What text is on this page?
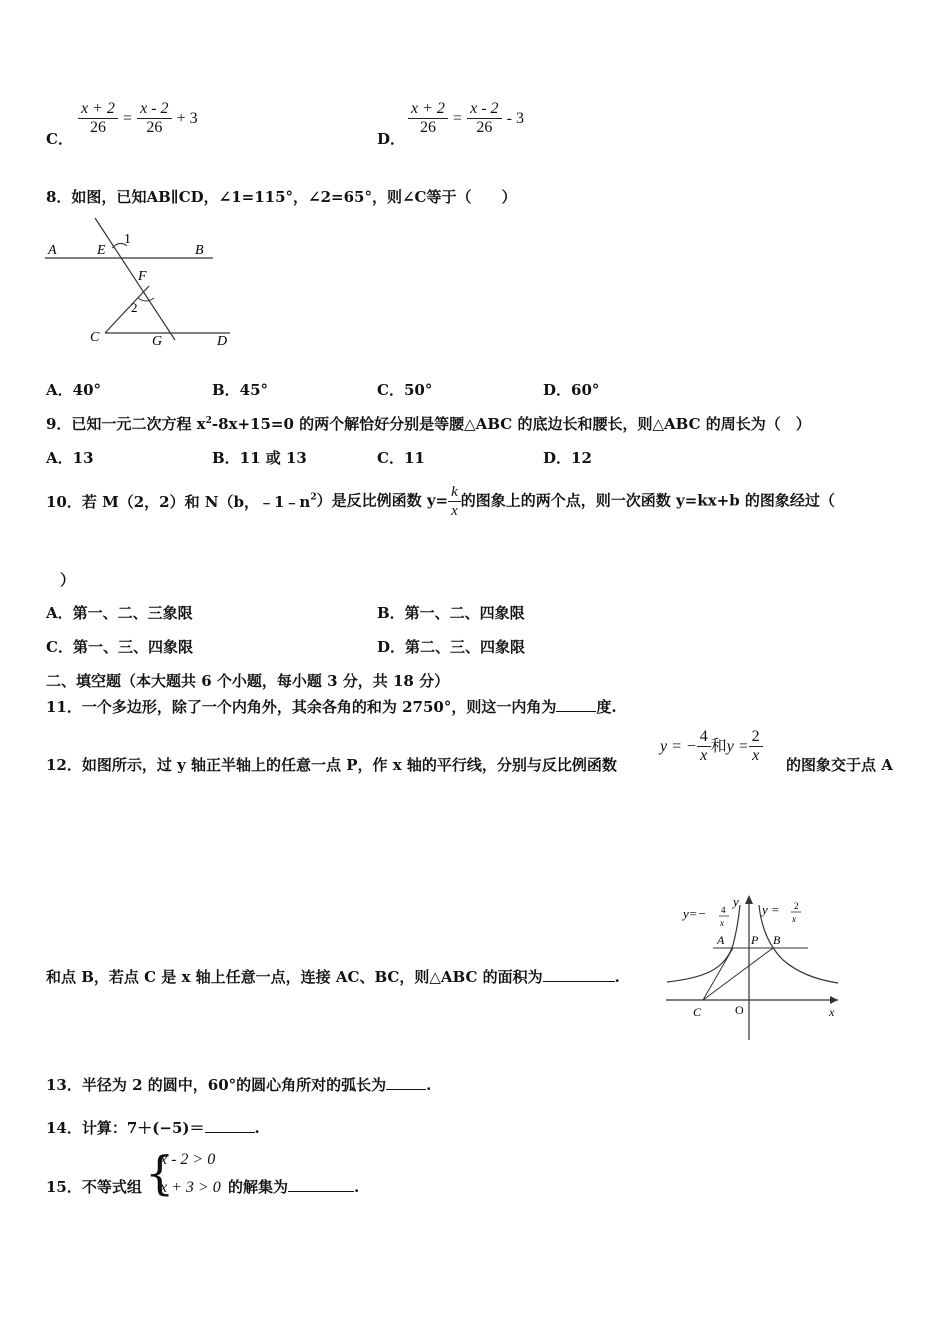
C．
$\frac{x + 2}{26} = \frac{x - 2}{26} + 3$
D．
$\frac{x + 2}{26} = \frac{x - 2}{26} - 3$
8．如图，已知AB∥CD，∠1=115°，∠2=65°，则∠C等于（　　）
A	E
1
B
F
2
C	G	D
A．40°	B．45°	C．50°	D．60°
9．已知一元二次方程 $x^2-8x+15=0$ 的两个解恰好分别是等腰△ABC 的底边长和腰长，则△ABC 的周长为（　）
A．13	B．11 或 13	C．11	D．12
10．若 M（2，2）和 N（b，$﹣1﹣n^2$）是反比例函数 $y= \frac{k}{x}$ 的图象上的两个点，则一次函数 y=kx+b 的图象经过（
）
A．第一、二、三象限	B．第一、二、四象限
C．第一、三、四象限	D．第二、三、四象限
二、填空题（本大题共 6 个小题，每小题 3 分，共 18 分）
11．一个多边形，除了一个内角外，其余各角的和为 2750°，则这一内角为	度.
12．如图所示，过 y 轴正半轴上的任意一点 P，作 x 轴的平行线，分别与反比例函数
y = − $\frac{4}{x}$ 和$y = \frac{2}{x}$ 的图象交于点 A
和点 B，若点 C 是 x 轴上任意一点，连接 AC、BC，则△ABC 的面积为	.
y=− 4
x
y = 2
x
y
A P B
C	O	x
13．半径为 2 的圆中，60°的圆心角所对的弧长为	.
14．计算：7＋(−5)＝	.
15．不等式组 {
x - 2 > 0
x + 3 > 0 的解集为	.
